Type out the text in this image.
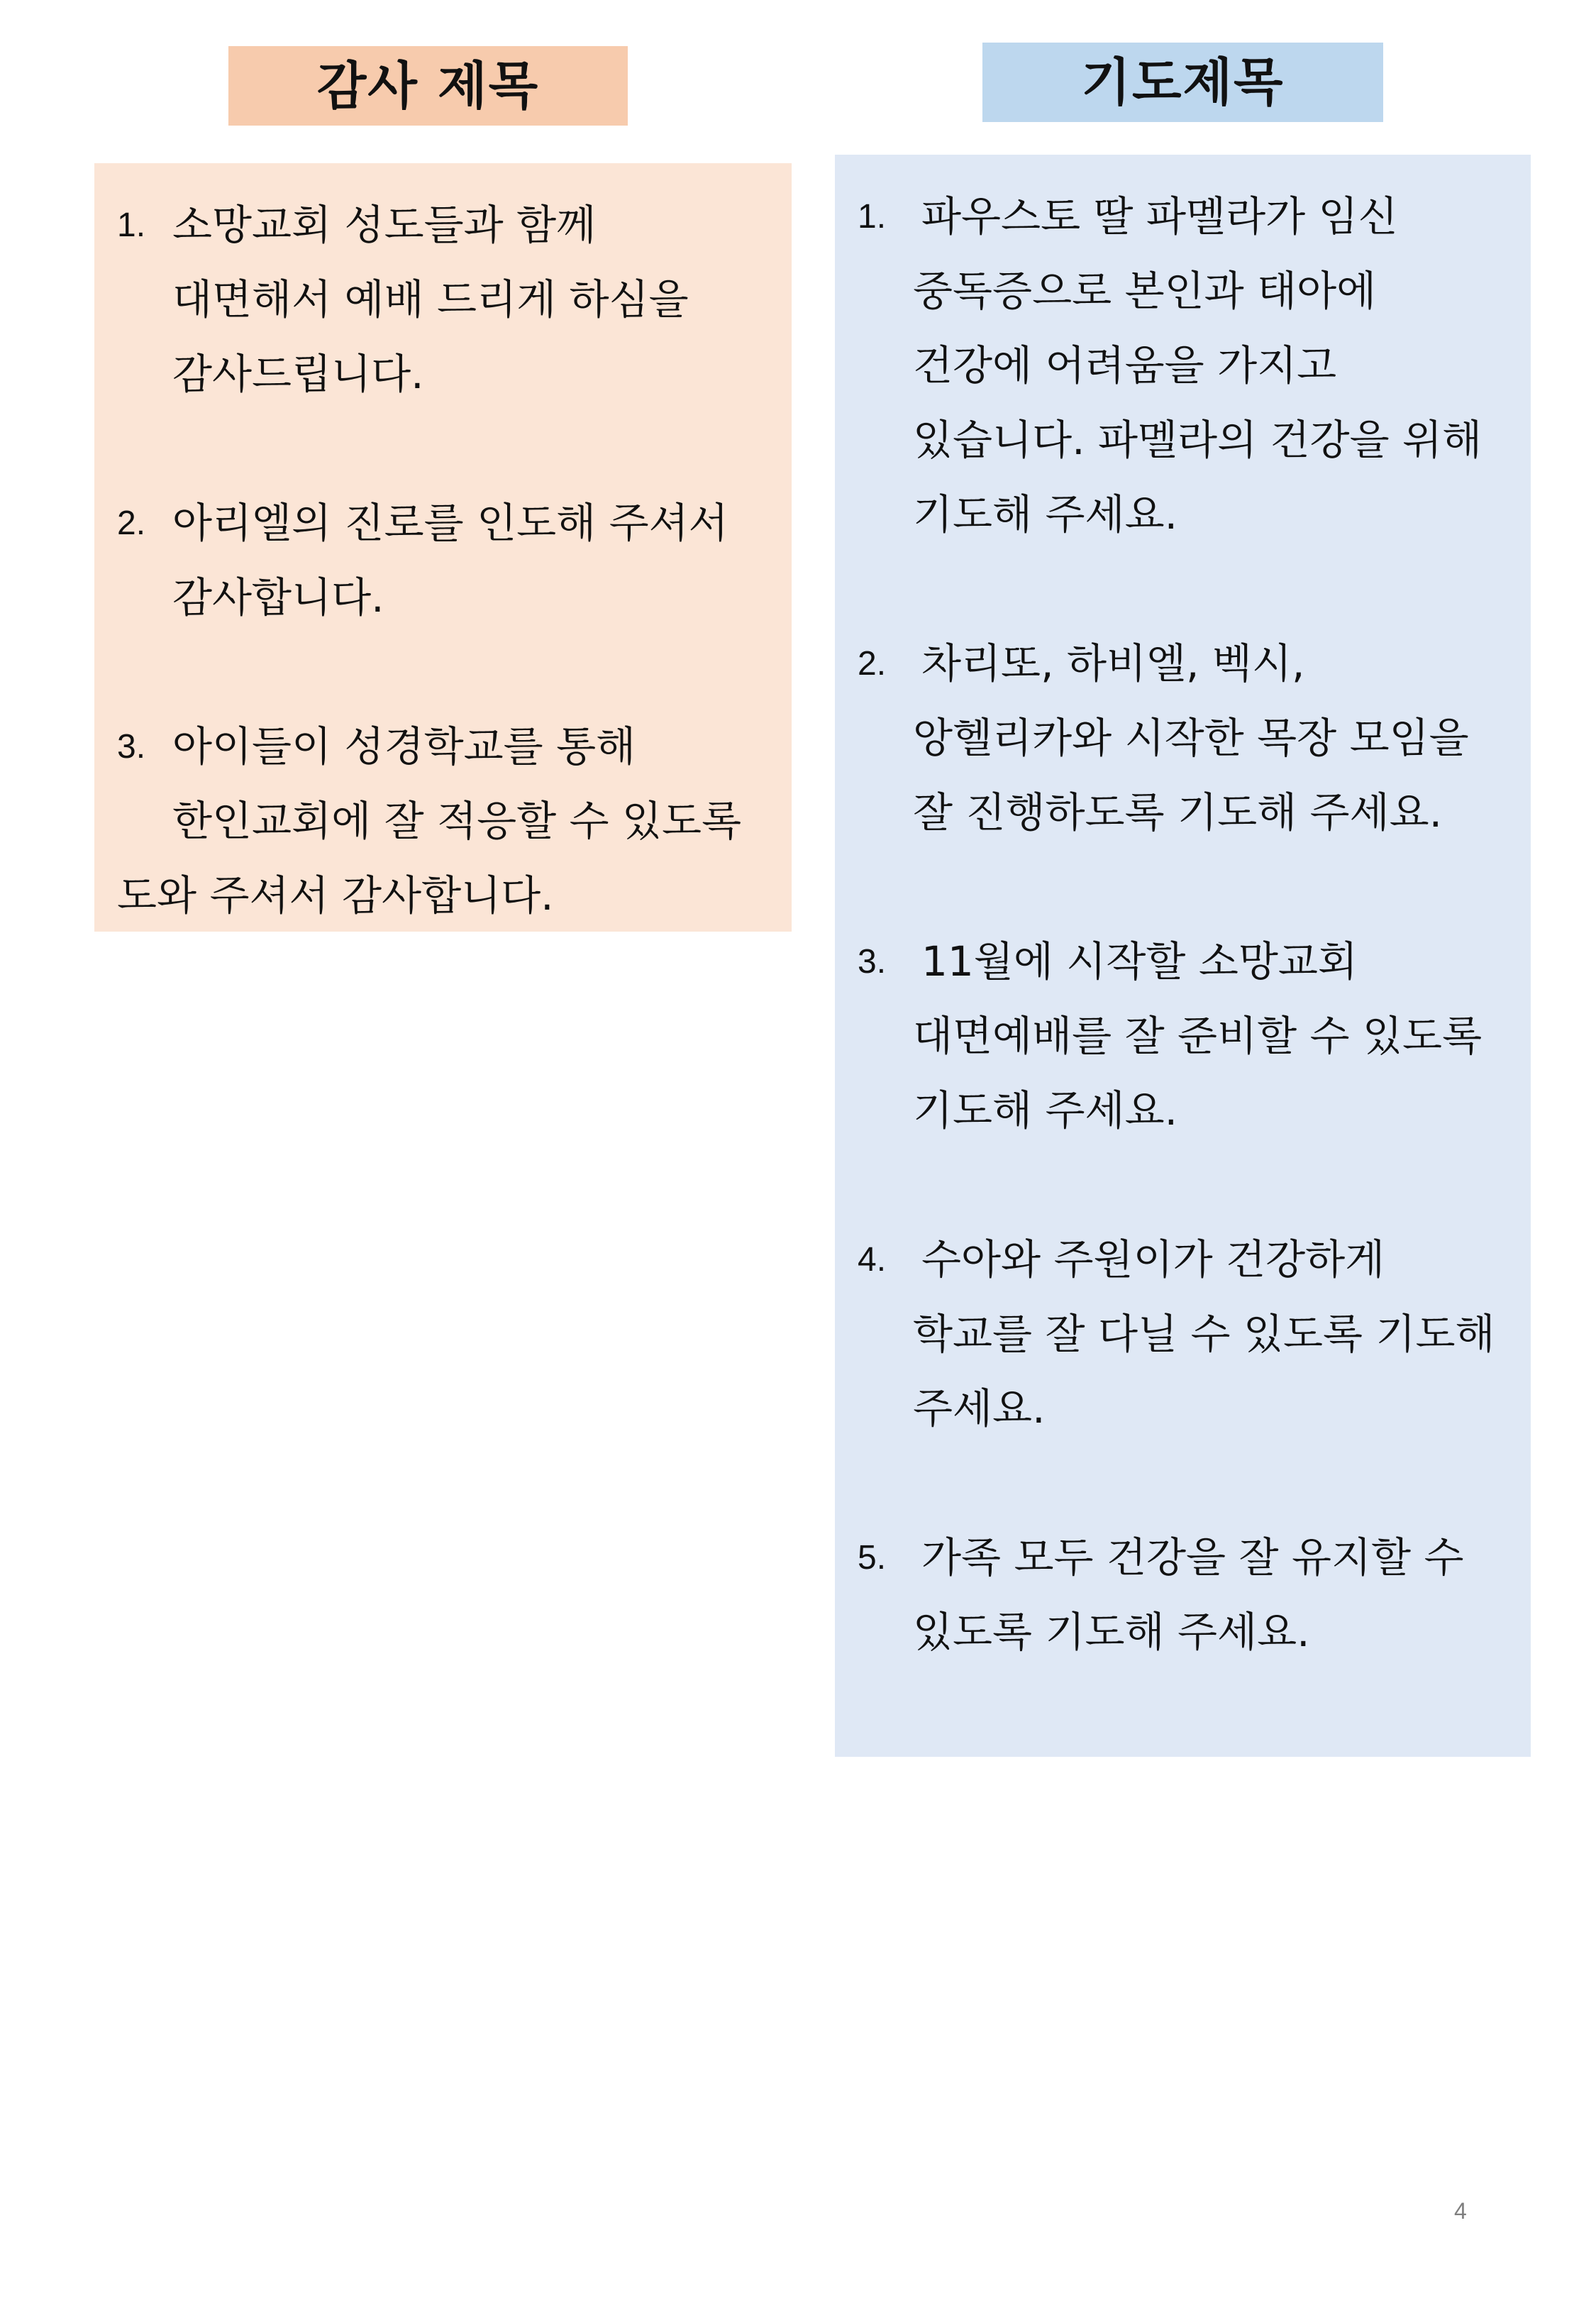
감사 제목	기도제목
1. 소망교회 성도들과 함께
대면해서 예배 드리게 하심을
감사드립니다.
2. 아리엘의 진로를 인도해 주셔서
감사합니다.
3. 아이들이 성경학교를 통해
한인교회에 잘 적응할 수 있도록
도와 주셔서 감사합니다.
1. 파우스토 딸 파멜라가 임신
중독증으로 본인과 태아에
건강에 어려움을 가지고
있습니다. 파멜라의 건강을 위해
기도해 주세요.
2. 차리또, 하비엘, 벡시,
앙헬리카와 시작한 목장 모임을
잘 진행하도록 기도해 주세요.
3. 11월에 시작할 소망교회
대면예배를 잘 준비할 수 있도록
기도해 주세요.
4. 수아와 주원이가 건강하게
학교를 잘 다닐 수 있도록 기도해
주세요.
5. 가족 모두 건강을 잘 유지할 수
있도록 기도해 주세요.
4
